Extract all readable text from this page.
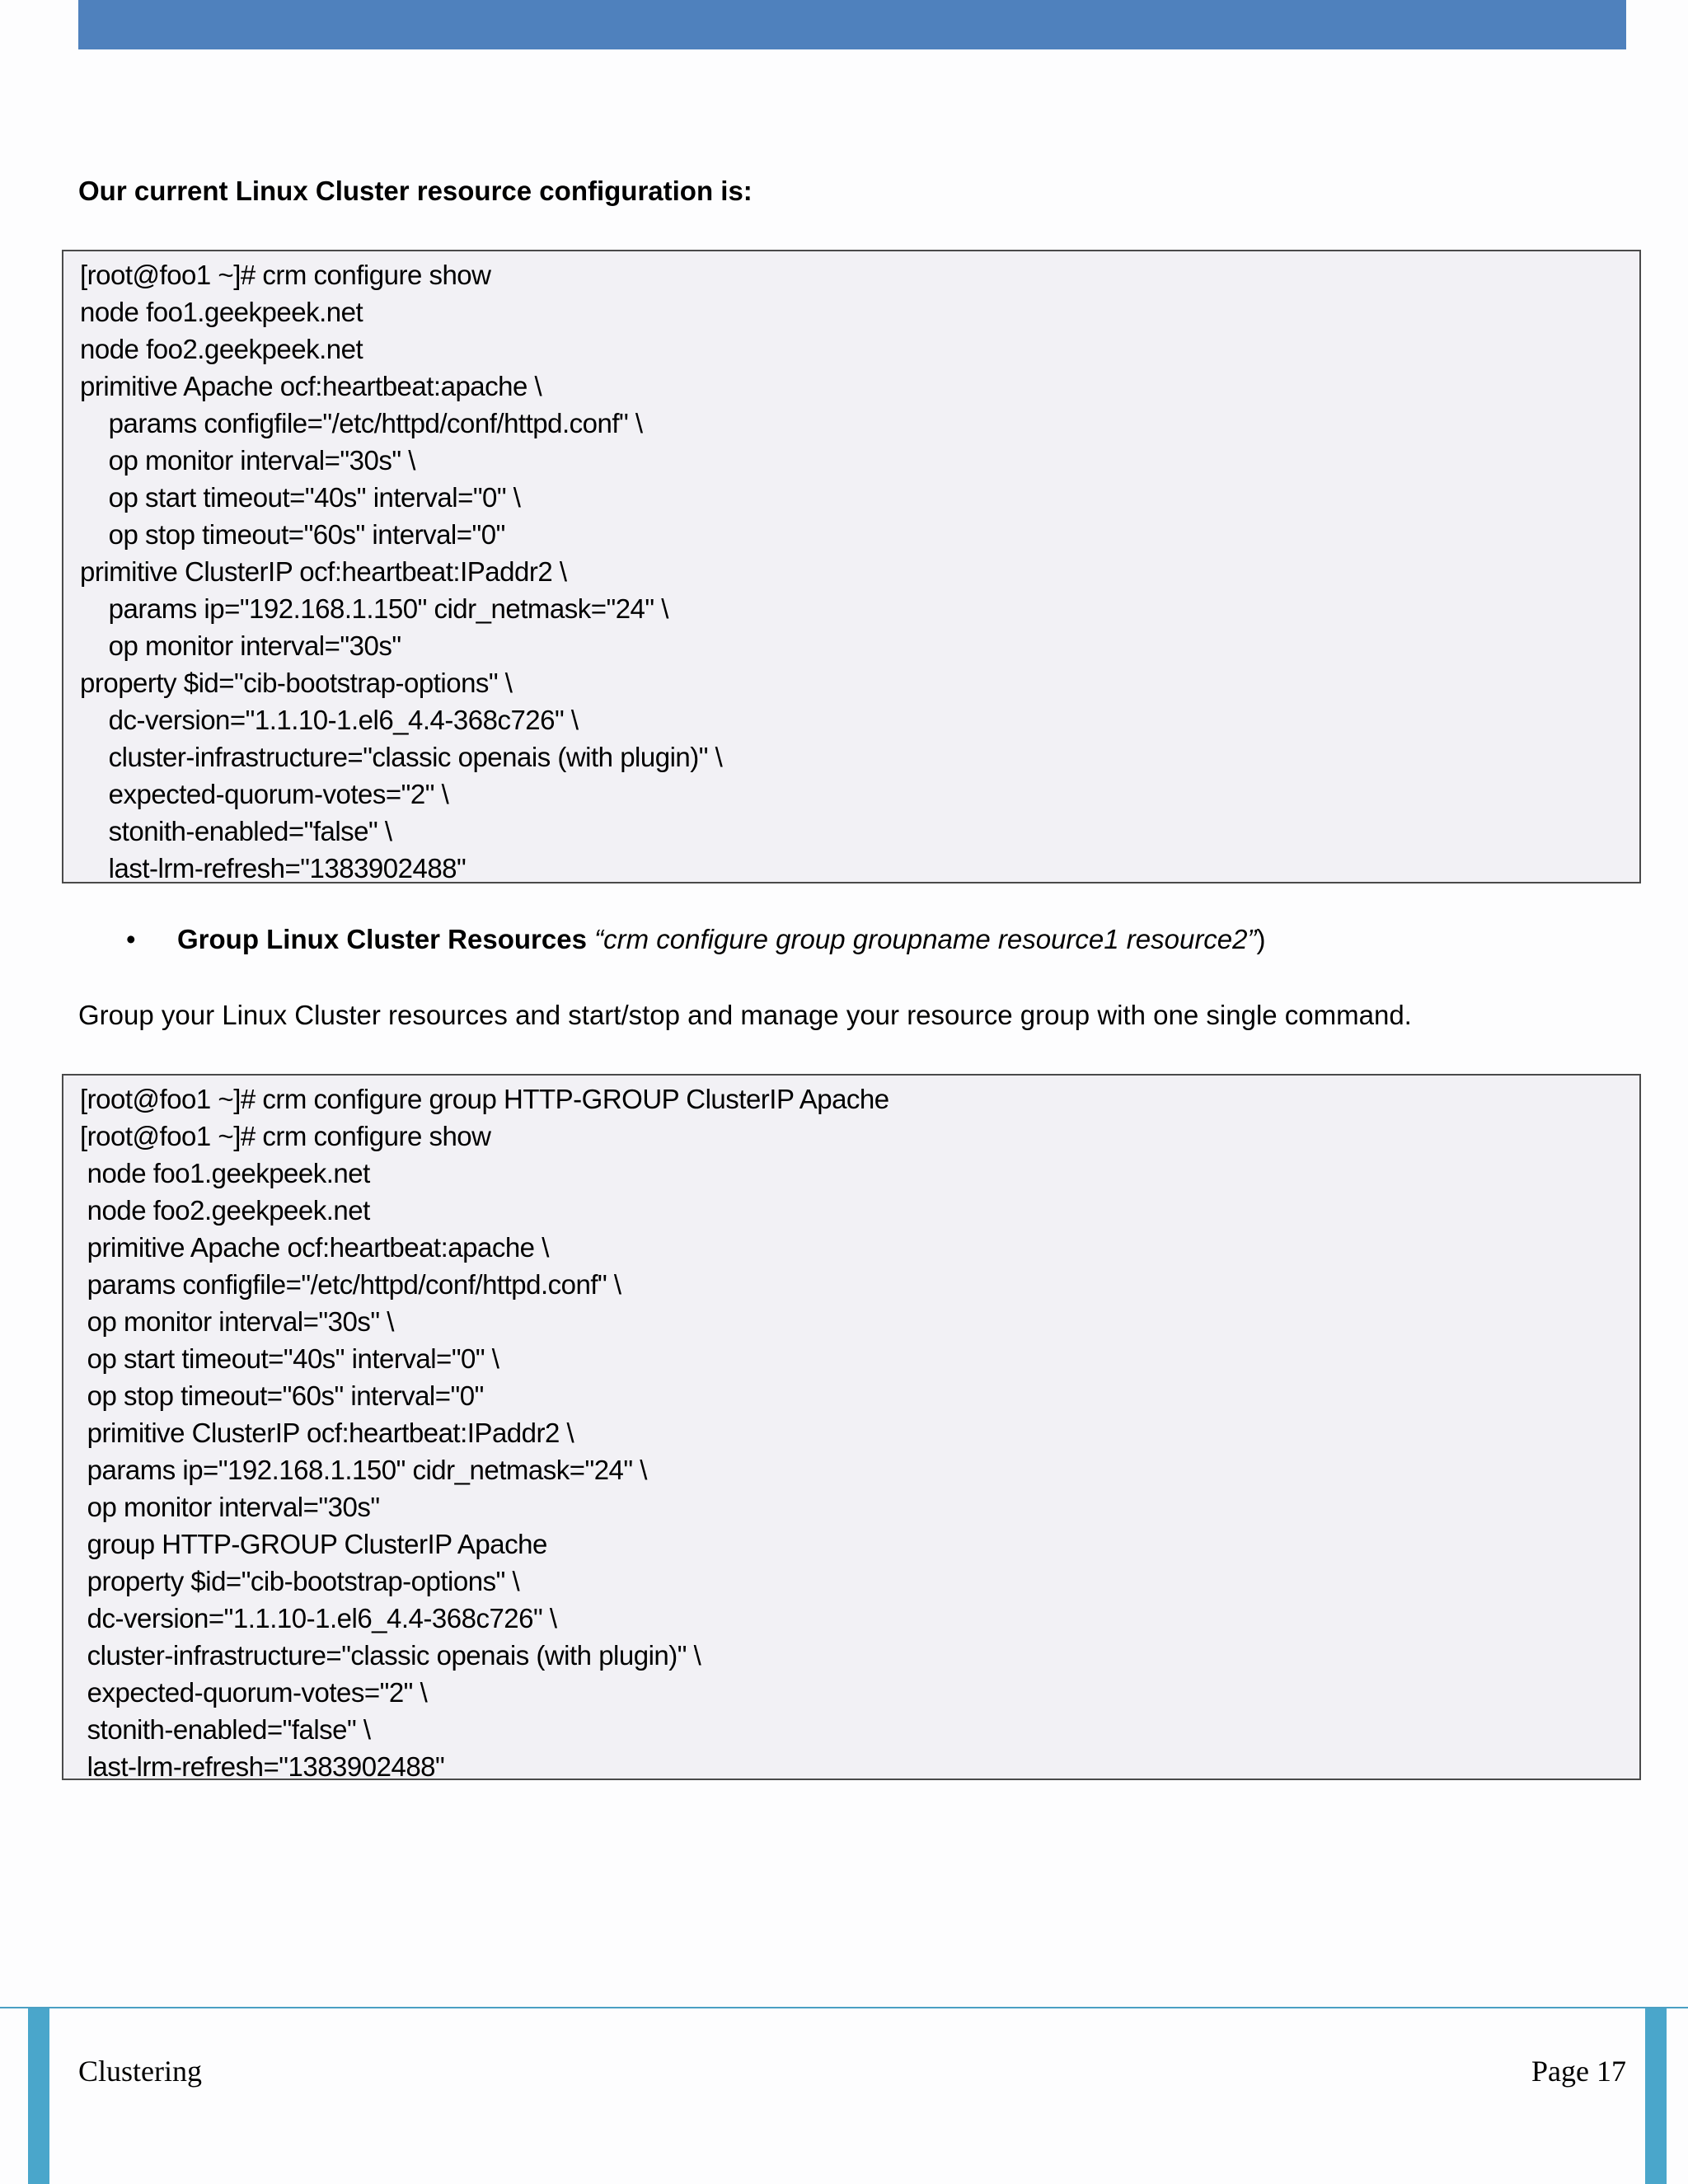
Our current Linux Cluster resource configuration is:
[root@foo1 ~]# crm configure show
node foo1.geekpeek.net
node foo2.geekpeek.net
primitive Apache ocf:heartbeat:apache \
params configfile="/etc/httpd/conf/httpd.conf" \
op monitor interval="30s" \
op start timeout="40s" interval="0" \
op stop timeout="60s" interval="0"
primitive ClusterIP ocf:heartbeat:IPaddr2 \
params ip="192.168.1.150" cidr_netmask="24" \
op monitor interval="30s"
property $id="cib-bootstrap-options" \
dc-version="1.1.10-1.el6_4.4-368c726" \
cluster-infrastructure="classic openais (with plugin)" \
expected-quorum-votes="2" \
stonith-enabled="false" \
last-lrm-refresh="1383902488"
• Group Linux Cluster Resources “crm configure group groupname resource1 resource2”)
Group your Linux Cluster resources and start/stop and manage your resource group with one single command.
[root@foo1 ~]# crm configure group HTTP-GROUP ClusterIP Apache
[root@foo1 ~]# crm configure show
node foo1.geekpeek.net
node foo2.geekpeek.net
primitive Apache ocf:heartbeat:apache \
params configfile="/etc/httpd/conf/httpd.conf" \
op monitor interval="30s" \
op start timeout="40s" interval="0" \
op stop timeout="60s" interval="0"
primitive ClusterIP ocf:heartbeat:IPaddr2 \
params ip="192.168.1.150" cidr_netmask="24" \
op monitor interval="30s"
group HTTP-GROUP ClusterIP Apache
property $id="cib-bootstrap-options" \
dc-version="1.1.10-1.el6_4.4-368c726" \
cluster-infrastructure="classic openais (with plugin)" \
expected-quorum-votes="2" \
stonith-enabled="false" \
last-lrm-refresh="1383902488"
Clustering	Page 17
